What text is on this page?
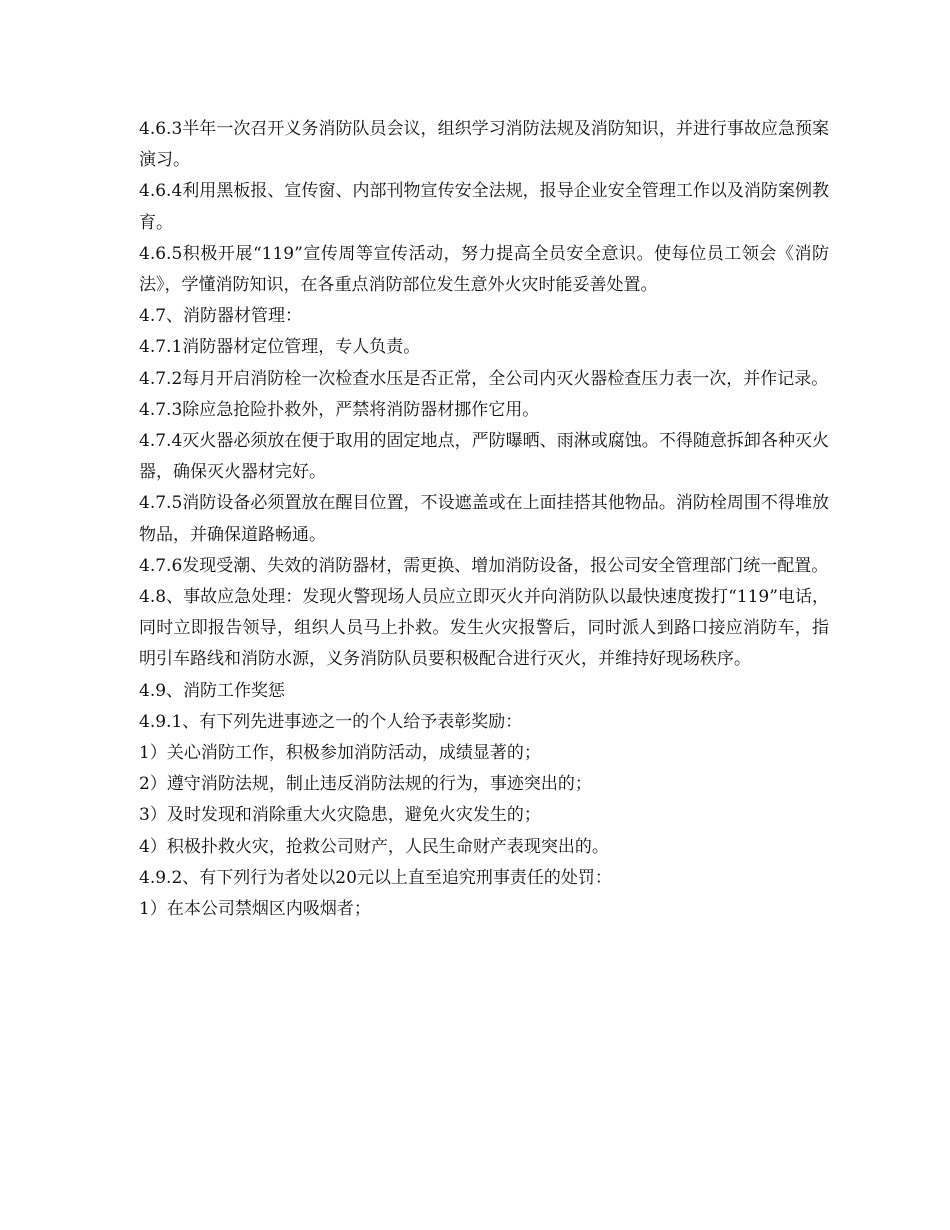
4.6.3半年一次召开义务消防队员会议，组织学习消防法规及消防知识，并进行事故应急预案演习。

4.6.4利用黑板报、宣传窗、内部刊物宣传安全法规，报导企业安全管理工作以及消防案例教育。

4.6.5积极开展“119”宣传周等宣传活动，努力提高全员安全意识。使每位员工领会《消防法》，学懂消防知识，在各重点消防部位发生意外火灾时能妥善处置。

4.7、消防器材管理：

4.7.1消防器材定位管理，专人负责。

4.7.2每月开启消防栓一次检查水压是否正常，全公司内灭火器检查压力表一次，并作记录。

4.7.3除应急抢险扑救外，严禁将消防器材挪作它用。

4.7.4灭火器必须放在便于取用的固定地点，严防曝晒、雨淋或腐蚀。不得随意拆卸各种灭火器，确保灭火器材完好。

4.7.5消防设备必须置放在醒目位置，不设遮盖或在上面挂搭其他物品。消防栓周围不得堆放物品，并确保道路畅通。

4.7.6发现受潮、失效的消防器材，需更换、增加消防设备，报公司安全管理部门统一配置。

4.8、事故应急处理：发现火警现场人员应立即灭火并向消防队以最快速度拨打“119”电话，同时立即报告领导，组织人员马上扑救。发生火灾报警后，同时派人到路口接应消防车，指明引车路线和消防水源，义务消防队员要积极配合进行灭火，并维持好现场秩序。

4.9、消防工作奖惩

4.9.1、有下列先进事迹之一的个人给予表彰奖励：

1）关心消防工作，积极参加消防活动，成绩显著的；

2）遵守消防法规，制止违反消防法规的行为，事迹突出的；

3）及时发现和消除重大火灾隐患，避免火灾发生的；

4）积极扑救火灾，抢救公司财产，人民生命财产表现突出的。

4.9.2、有下列行为者处以20元以上直至追究刑事责任的处罚：

1）在本公司禁烟区内吸烟者；
